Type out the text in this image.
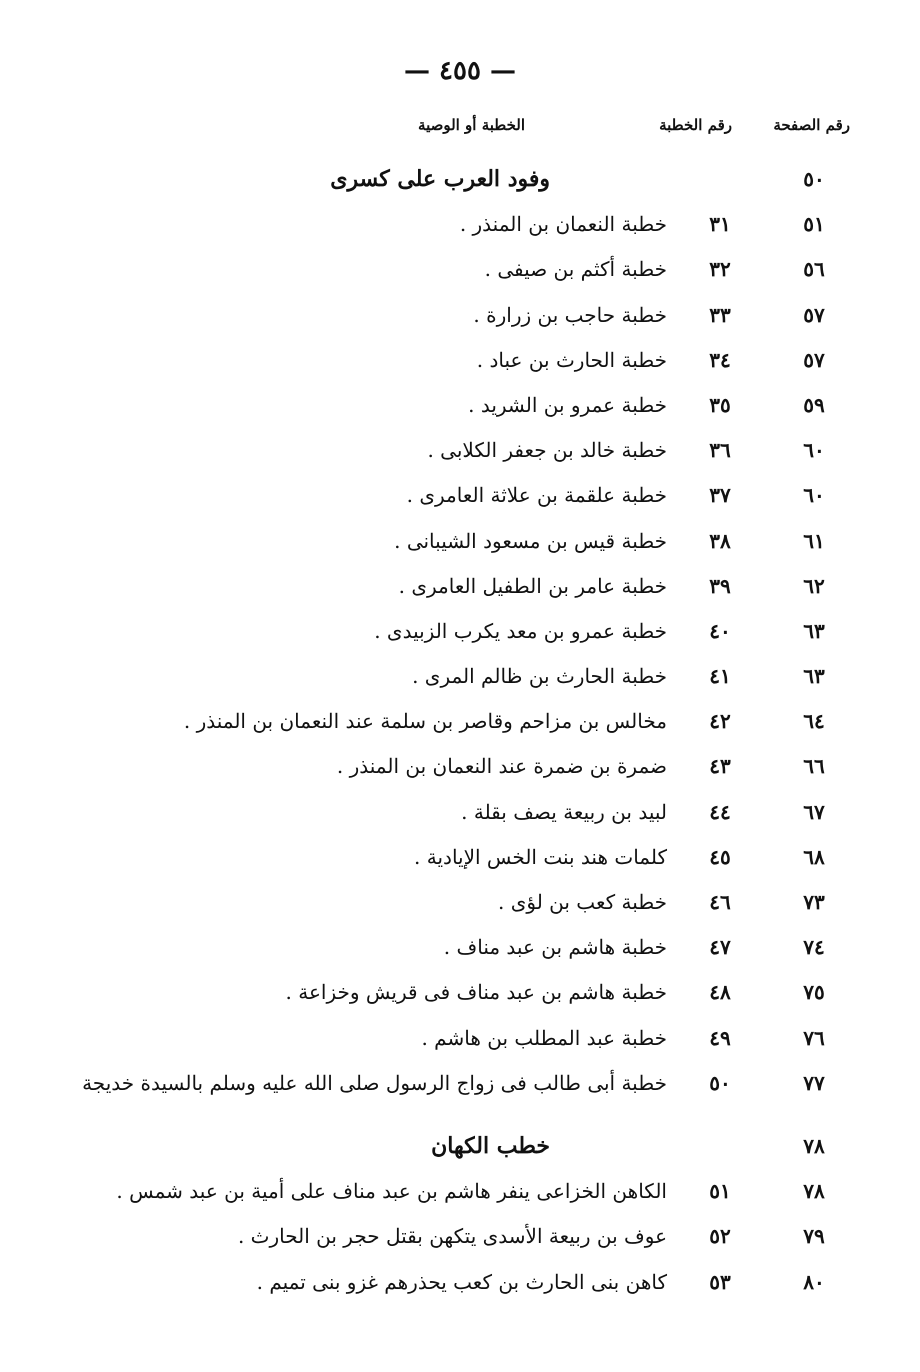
— ٤٥٥ —
رقم الصفحة
رقم الخطبة
الخطبة أو الوصية
٥٠
وفود العرب على كسرى
٥١
٣١
خطبة النعمان بن المنذر .
٥٦
٣٢
خطبة أكثم بن صيفى .
٥٧
٣٣
خطبة حاجب بن زرارة .
٥٧
٣٤
خطبة الحارث بن عباد .
٥٩
٣٥
خطبة عمرو بن الشريد .
٦٠
٣٦
خطبة خالد بن جعفر الكلابى .
٦٠
٣٧
خطبة علقمة بن علاثة العامرى .
٦١
٣٨
خطبة قيس بن مسعود الشيبانى .
٦٢
٣٩
خطبة عامر بن الطفيل العامرى .
٦٣
٤٠
خطبة عمرو بن معد يكرب الزبيدى .
٦٣
٤١
خطبة الحارث بن ظالم المرى .
٦٤
٤٢
مخالس بن مزاحم وقاصر بن سلمة عند النعمان بن المنذر .
٦٦
٤٣
ضمرة بن ضمرة عند النعمان بن المنذر .
٦٧
٤٤
لبيد بن ربيعة يصف بقلة .
٦٨
٤٥
كلمات هند بنت الخس الإيادية .
٧٣
٤٦
خطبة كعب بن لؤى .
٧٤
٤٧
خطبة هاشم بن عبد مناف .
٧٥
٤٨
خطبة هاشم بن عبد مناف فى قريش وخزاعة .
٧٦
٤٩
خطبة عبد المطلب بن هاشم .
٧٧
٥٠
خطبة أبى طالب فى زواج الرسول صلى الله عليه وسلم بالسيدة خديجة
٧٨
خطب الكهان
٧٨
٥١
الكاهن الخزاعى ينفر هاشم بن عبد مناف على أمية بن عبد شمس .
٧٩
٥٢
عوف بن ربيعة الأسدى يتكهن بقتل حجر بن الحارث .
٨٠
٥٣
كاهن بنى الحارث بن كعب يحذرهم غزو بنى تميم .
